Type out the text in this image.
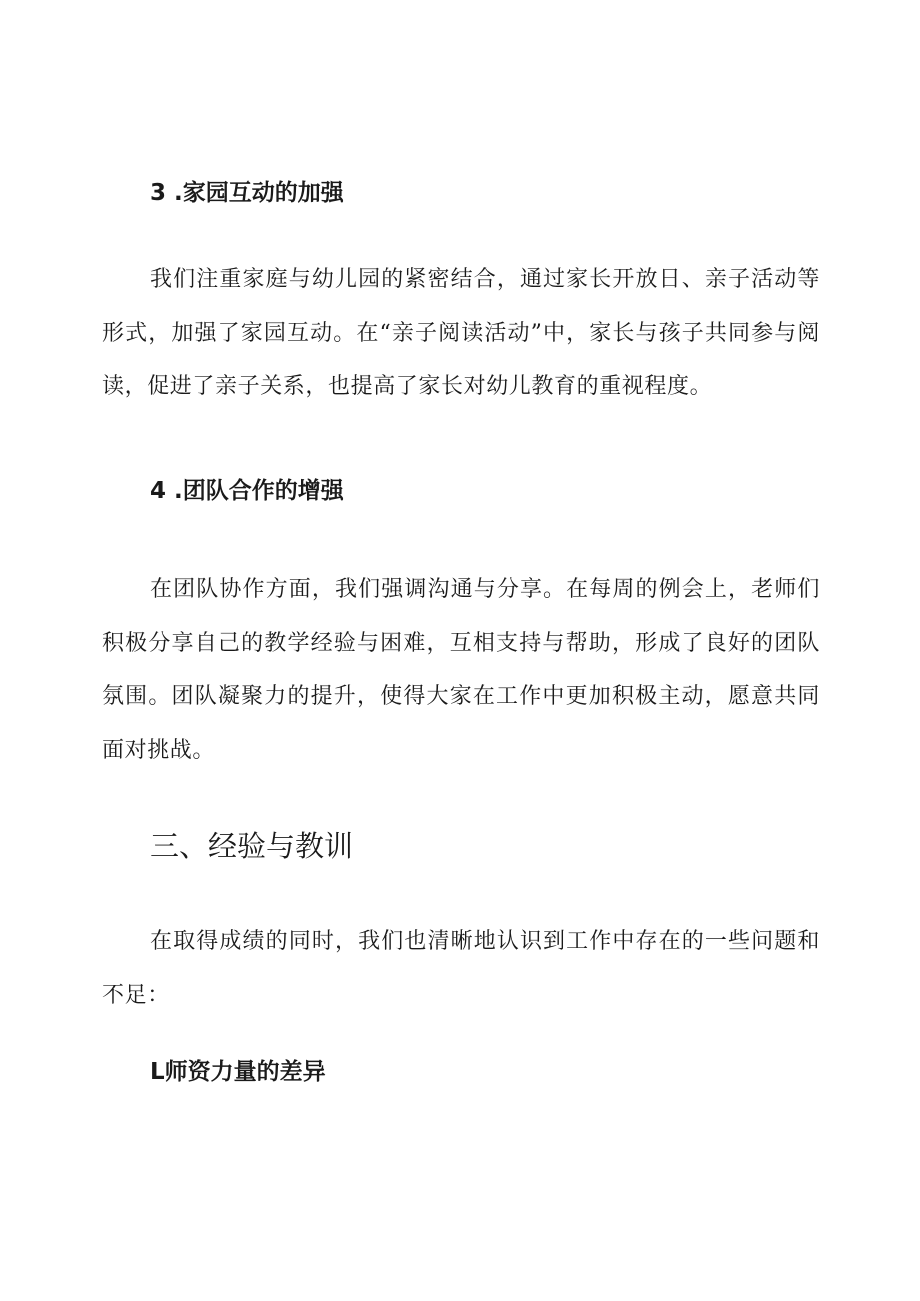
3 .家园互动的加强

我们注重家庭与幼儿园的紧密结合，通过家长开放日、亲子活动等形式，加强了家园互动。在“亲子阅读活动”中，家长与孩子共同参与阅读，促进了亲子关系，也提高了家长对幼儿教育的重视程度。

4 .团队合作的增强

在团队协作方面，我们强调沟通与分享。在每周的例会上，老师们积极分享自己的教学经验与困难，互相支持与帮助，形成了良好的团队氛围。团队凝聚力的提升，使得大家在工作中更加积极主动，愿意共同面对挑战。

三、经验与教训

在取得成绩的同时，我们也清晰地认识到工作中存在的一些问题和不足：

L师资力量的差异
